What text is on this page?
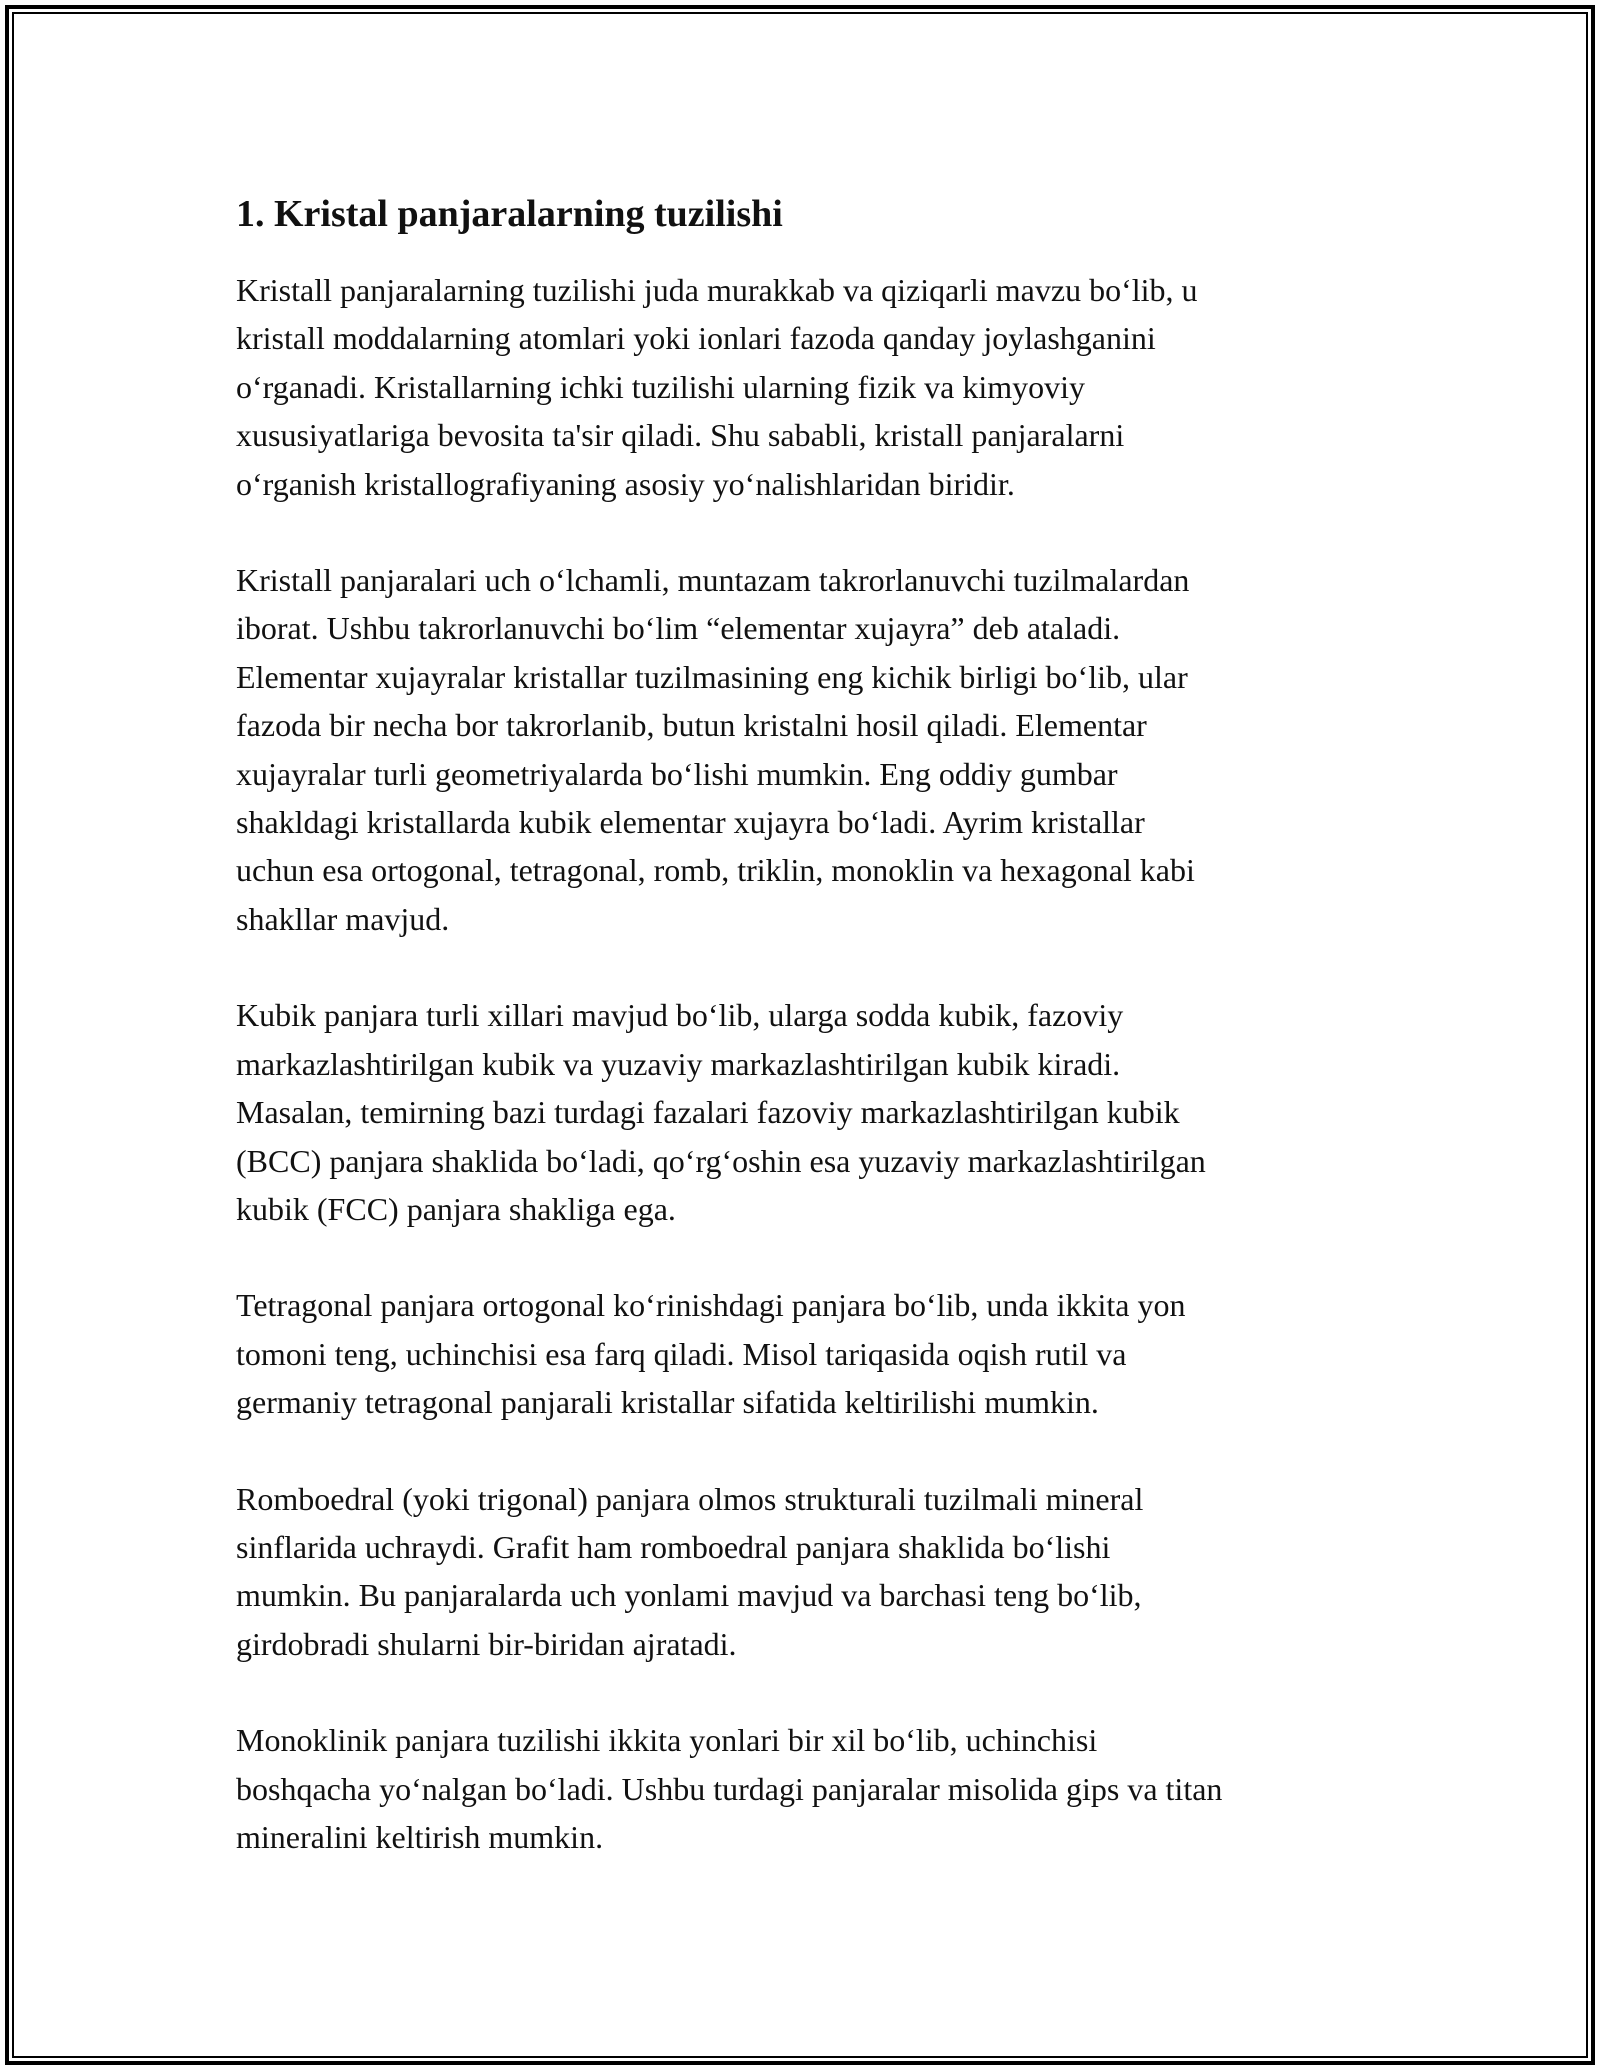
1. Kristal panjaralarning tuzilishi

Kristall panjaralarning tuzilishi juda murakkab va qiziqarli mavzu bo‘lib, u
kristall moddalarning atomlari yoki ionlari fazoda qanday joylashganini
o‘rganadi. Kristallarning ichki tuzilishi ularning fizik va kimyoviy
xususiyatlariga bevosita ta'sir qiladi. Shu sababli, kristall panjaralarni
o‘rganish kristallografiyaning asosiy yo‘nalishlaridan biridir.

Kristall panjaralari uch o‘lchamli, muntazam takrorlanuvchi tuzilmalardan
iborat. Ushbu takrorlanuvchi bo‘lim “elementar xujayra” deb ataladi.
Elementar xujayralar kristallar tuzilmasining eng kichik birligi bo‘lib, ular
fazoda bir necha bor takrorlanib, butun kristalni hosil qiladi. Elementar
xujayralar turli geometriyalarda bo‘lishi mumkin. Eng oddiy gumbar
shakldagi kristallarda kubik elementar xujayra bo‘ladi. Ayrim kristallar
uchun esa ortogonal, tetragonal, romb, triklin, monoklin va hexagonal kabi
shakllar mavjud.

Kubik panjara turli xillari mavjud bo‘lib, ularga sodda kubik, fazoviy
markazlashtirilgan kubik va yuzaviy markazlashtirilgan kubik kiradi.
Masalan, temirning bazi turdagi fazalari fazoviy markazlashtirilgan kubik
(BCC) panjara shaklida bo‘ladi, qo‘rg‘oshin esa yuzaviy markazlashtirilgan
kubik (FCC) panjara shakliga ega.

Tetragonal panjara ortogonal ko‘rinishdagi panjara bo‘lib, unda ikkita yon
tomoni teng, uchinchisi esa farq qiladi. Misol tariqasida oqish rutil va
germaniy tetragonal panjarali kristallar sifatida keltirilishi mumkin.

Romboedral (yoki trigonal) panjara olmos strukturali tuzilmali mineral
sinflarida uchraydi. Grafit ham romboedral panjara shaklida bo‘lishi
mumkin. Bu panjaralarda uch yonlami mavjud va barchasi teng bo‘lib,
girdobradi shularni bir-biridan ajratadi.

Monoklinik panjara tuzilishi ikkita yonlari bir xil bo‘lib, uchinchisi
boshqacha yo‘nalgan bo‘ladi. Ushbu turdagi panjaralar misolida gips va titan
mineralini keltirish mumkin.
